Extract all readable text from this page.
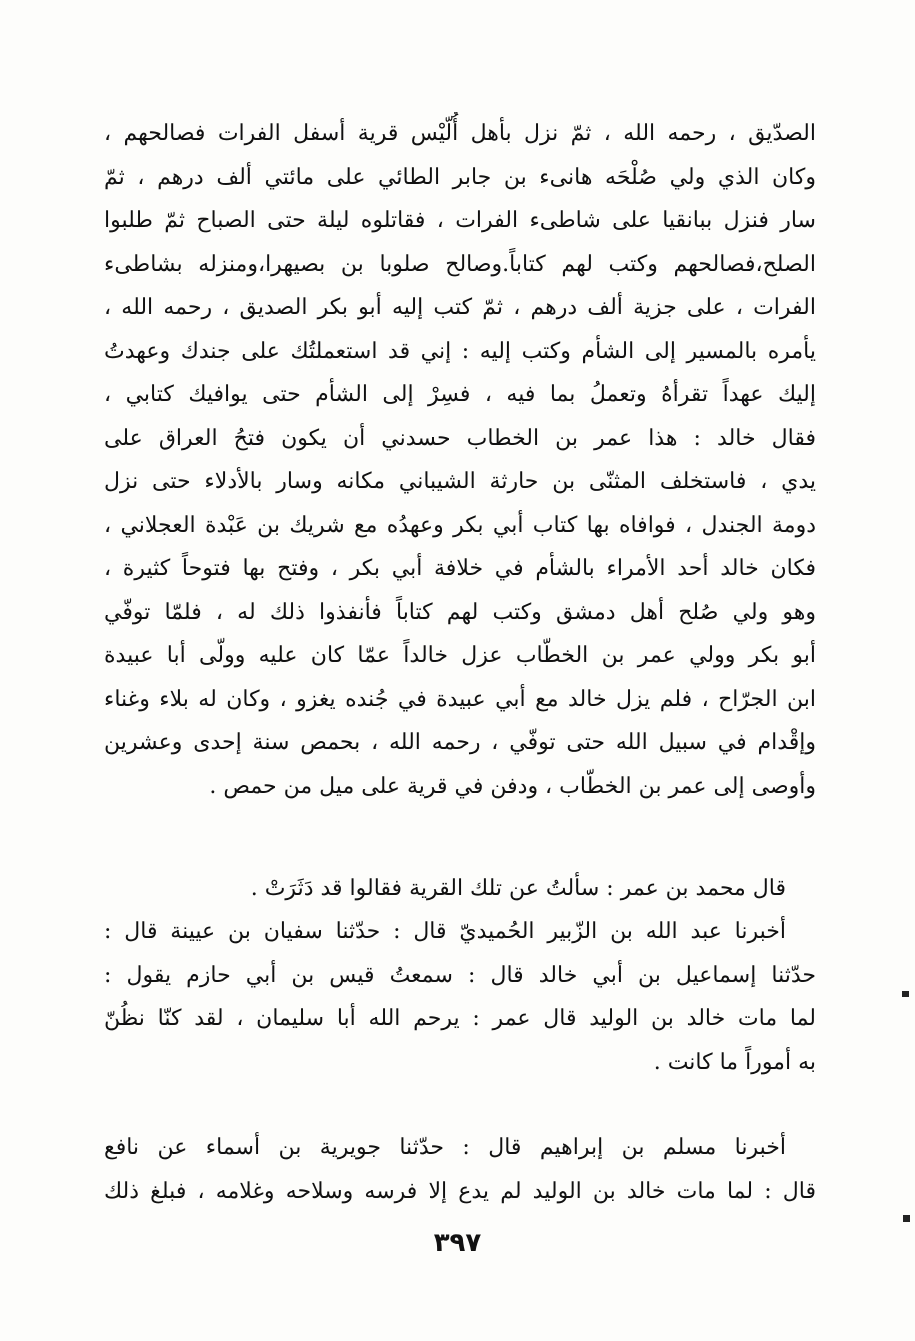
الصدّيق ، رحمه الله ، ثمّ نزل بأهل أُلّيْس قرية أسفل الفرات فصالحهم ،
وكان الذي ولي صُلْحَه هانىء بن جابر الطائي على مائتي ألف درهم ، ثمّ
سار فنزل ببانقيا على شاطىء الفرات ، فقاتلوه ليلة حتى الصباح ثمّ طلبوا
الصلح،فصالحهم وكتب لهم كتاباً.وصالح صلوبا بن بصيهرا،ومنزله بشاطىء
الفرات ، على جزية ألف درهم ، ثمّ كتب إليه أبو بكر الصديق ، رحمه الله ،
يأمره بالمسير إلى الشأم وكتب إليه : إني قد استعملتُك على جندك وعهدتُ
إليك عهداً تقرأهُ وتعملُ بما فيه ، فسِرْ إلى الشأم حتى يوافيك كتابي ،
فقال خالد : هذا عمر بن الخطاب حسدني أن يكون فتحُ العراق على
يدي ، فاستخلف المثنّى بن حارثة الشيباني مكانه وسار بالأدلاء حتى نزل
دومة الجندل ، فوافاه بها كتاب أبي بكر وعهدُه مع شريك بن عَبْدة العجلاني ،
فكان خالد أحد الأمراء بالشأم في خلافة أبي بكر ، وفتح بها فتوحاً كثيرة ،
وهو ولي صُلح أهل دمشق وكتب لهم كتاباً فأنفذوا ذلك له ، فلمّا توفّي
أبو بكر وولي عمر بن الخطّاب عزل خالداً عمّا كان عليه وولّى أبا عبيدة
ابن الجرّاح ، فلم يزل خالد مع أبي عبيدة في جُنده يغزو ، وكان له بلاء وغناء
وإقْدام في سبيل الله حتى توفّي ، رحمه الله ، بحمص سنة إحدى وعشرين
وأوصى إلى عمر بن الخطّاب ، ودفن في قرية على ميل من حمص .
قال محمد بن عمر : سألتُ عن تلك القرية فقالوا قد دَثَرَتْ .
أخبرنا عبد الله بن الزّبير الحُميديّ قال : حدّثنا سفيان بن عيينة قال :
حدّثنا إسماعيل بن أبي خالد قال : سمعتُ قيس بن أبي حازم يقول :
لما مات خالد بن الوليد قال عمر : يرحم الله أبا سليمان ، لقد كنّا نظُنّ
به أموراً ما كانت .
أخبرنا مسلم بن إبراهيم قال : حدّثنا جويرية بن أسماء عن نافع
قال : لما مات خالد بن الوليد لم يدع إلا فرسه وسلاحه وغلامه ، فبلغ ذلك
٣٩٧
